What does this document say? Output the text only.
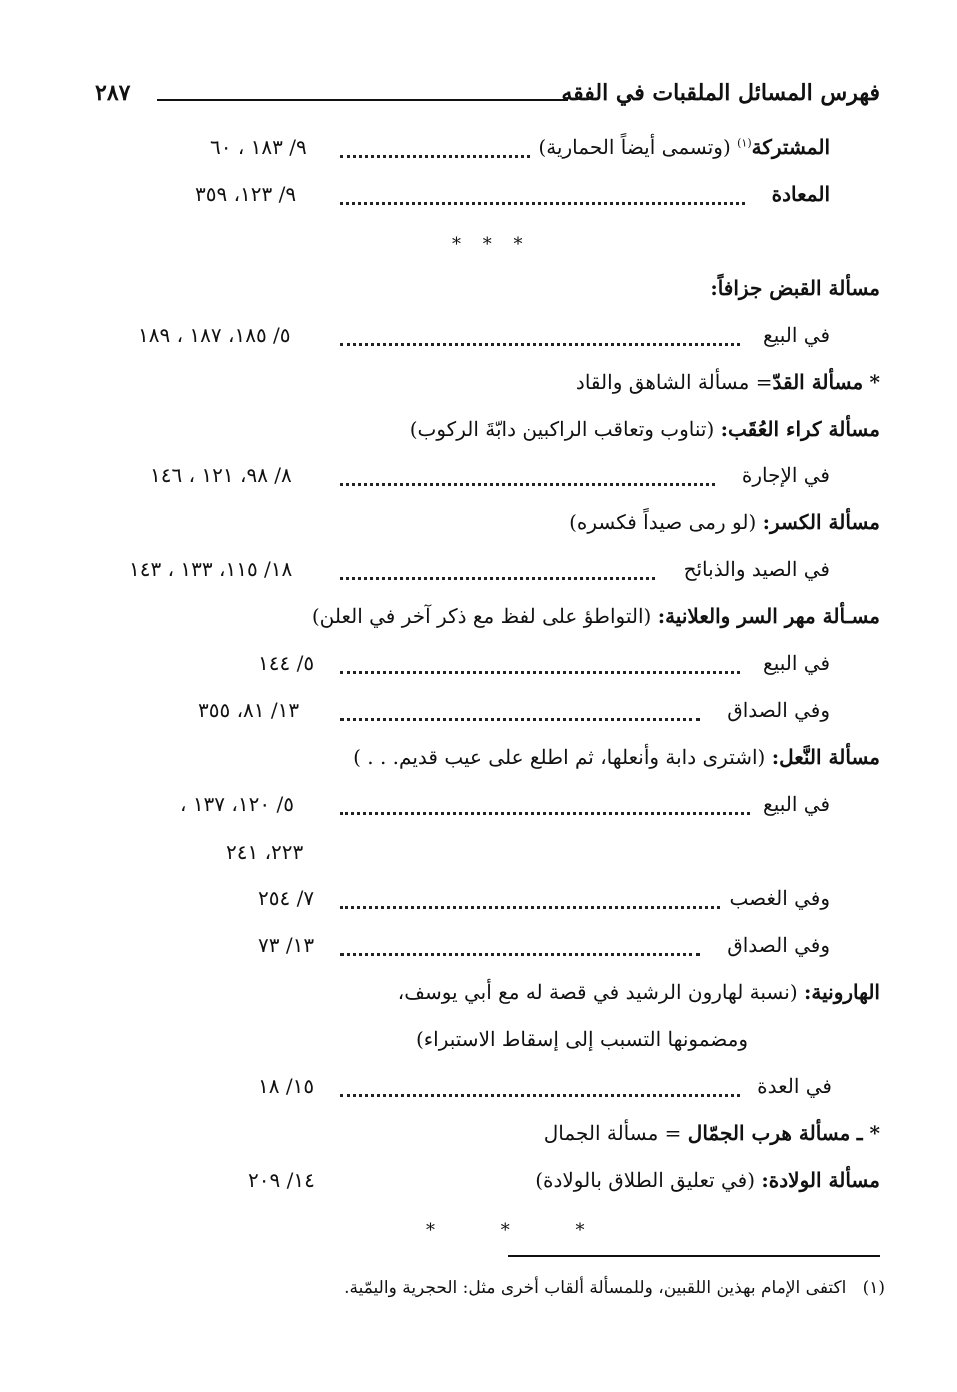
فهرس المسائل الملقبات في الفقه
٢٨٧
المشتركة$^{(١)}$ (وتسمى أيضاً الحمارية)
٩/ ١٨٣ ، ٦٠
المعادة
٩/ ١٢٣، ٣٥٩
* * *
مسألة القبض جزافاً:
في البيع
٥/ ١٨٥، ١٨٧ ، ١٨٩
* مسألة القدّ= مسألة الشاهق والقاد
مسألة كراء العُقَب: (تناوب وتعاقب الراكبين دابّةَ الركوب)
في الإجارة
٨/ ٩٨، ١٢١ ، ١٤٦
مسألة الكسر: (لو رمى صيداً فكسره)
في الصيد والذبائح
١٨/ ١١٥، ١٣٣ ، ١٤٣
مسـألة مهر السر والعلانية: (التواطؤ على لفظ مع ذكر آخر في العلن)
في البيع
٥/ ١٤٤
وفي الصداق
١٣/ ٨١، ٣٥٥
مسألة النَّعل: (اشترى دابة وأنعلها، ثم اطلع على عيب قديم. . . )
في البيع
٥/ ١٢٠، ١٣٧ ،
٢٢٣، ٢٤١
وفي الغصب
٧/ ٢٥٤
وفي الصداق
١٣/ ٧٣
الهارونية: (نسبة لهارون الرشيد في قصة له مع أبي يوسف،
ومضمونها التسبب إلى إسقاط الاستبراء)
في العدة
١٥/ ١٨
* ـ مسألة هرب الجمّال = مسألة الجمال
مسألة الولادة: (في تعليق الطلاق بالولادة)
١٤/ ٢٠٩
* * *
(١)   اكتفى الإمام بهذين اللقبين، وللمسألة ألقاب أخرى مثل: الحجرية واليمّية.
